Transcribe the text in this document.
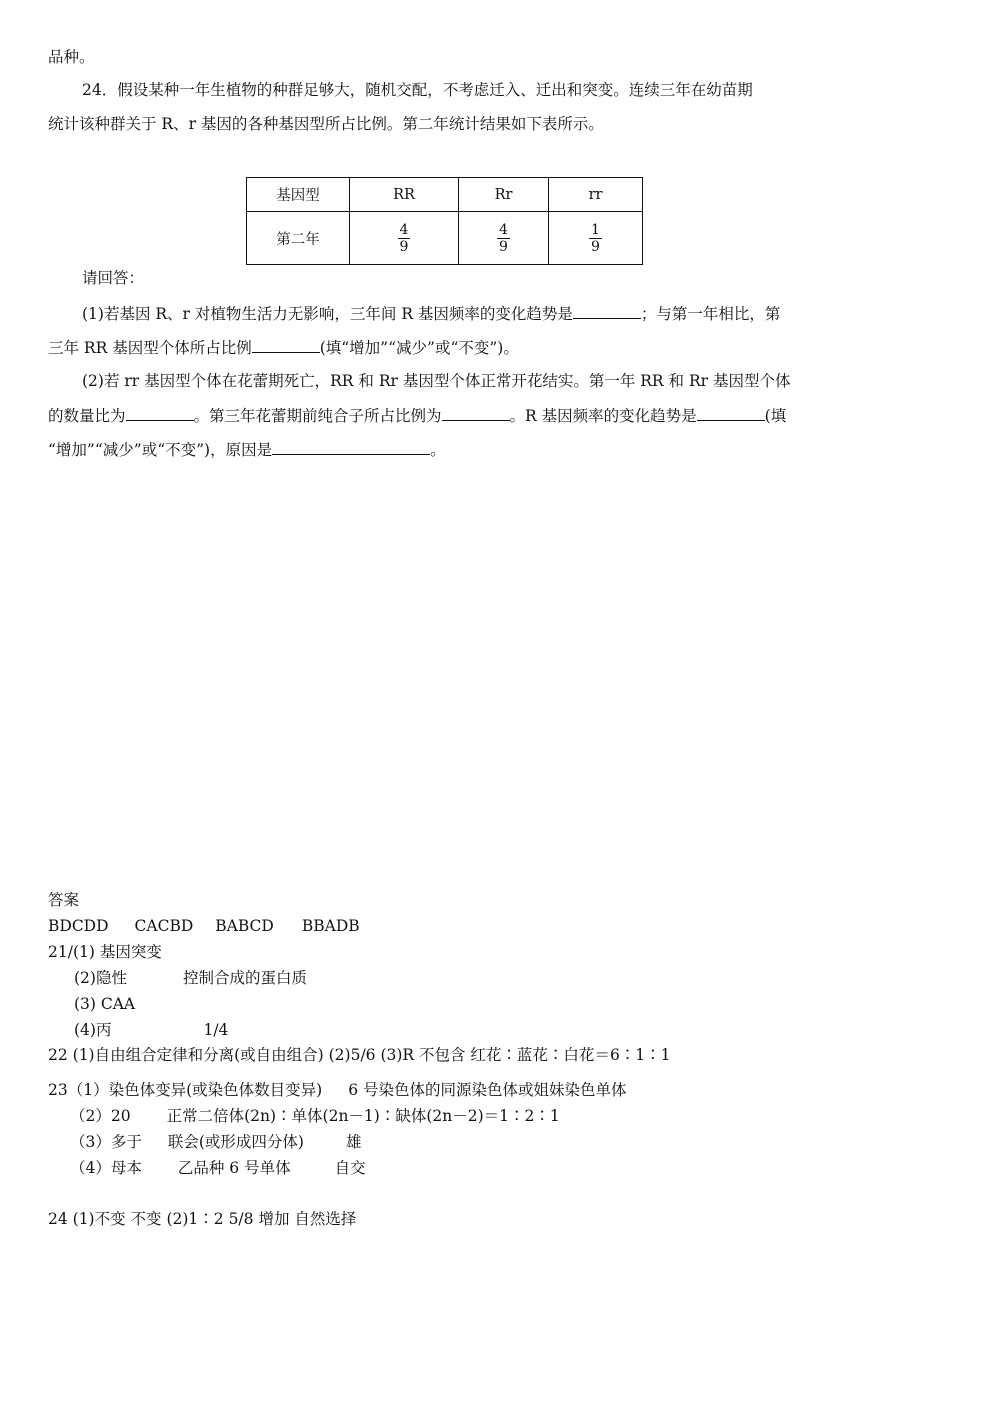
品种。
24．假设某种一年生植物的种群足够大，随机交配，不考虑迁入、迁出和突变。连续三年在幼苗期
统计该种群关于 R、r 基因的各种基因型所占比例。第二年统计结果如下表所示。
基因型	RR	Rr	rr
第二年	$\frac{4}{9}$	$\frac{4}{9}$	$\frac{1}{9}$
请回答：
(1)若基因 R、r 对植物生活力无影响，三年间 R 基因频率的变化趋势是	；与第一年相比，第
三年 RR 基因型个体所占比例	(填“增加”“减少”或“不变”)。
(2)若 rr 基因型个体在花蕾期死亡，RR 和 Rr 基因型个体正常开花结实。第一年 RR 和 Rr 基因型个体
的数量比为	。第三年花蕾期前纯合子所占比例为	。R 基因频率的变化趋势是	(填
“增加”“减少”或“不变”)，原因是	。
答案
BDCDD CACBD BABCD BBADB
21/(1) 基因突变
(2)隐性	控制合成的蛋白质
(3) CAA
(4)丙	1/4
22 (1)自由组合定律和分离(或自由组合) (2)5/6 (3)R 不包含 红花∶蓝花∶白花＝6∶1∶1
23（1）染色体变异(或染色体数目变异) 6 号染色体的同源染色体或姐妹染色单体
（2）20 正常二倍体(2n)∶单体(2n－1)∶缺体(2n－2)＝1∶2∶1
（3）多于 联会(或形成四分体)	雄
（4）母本 乙品种 6 号单体	自交
24 (1)不变 不变 (2)1∶2 5/8 增加 自然选择
